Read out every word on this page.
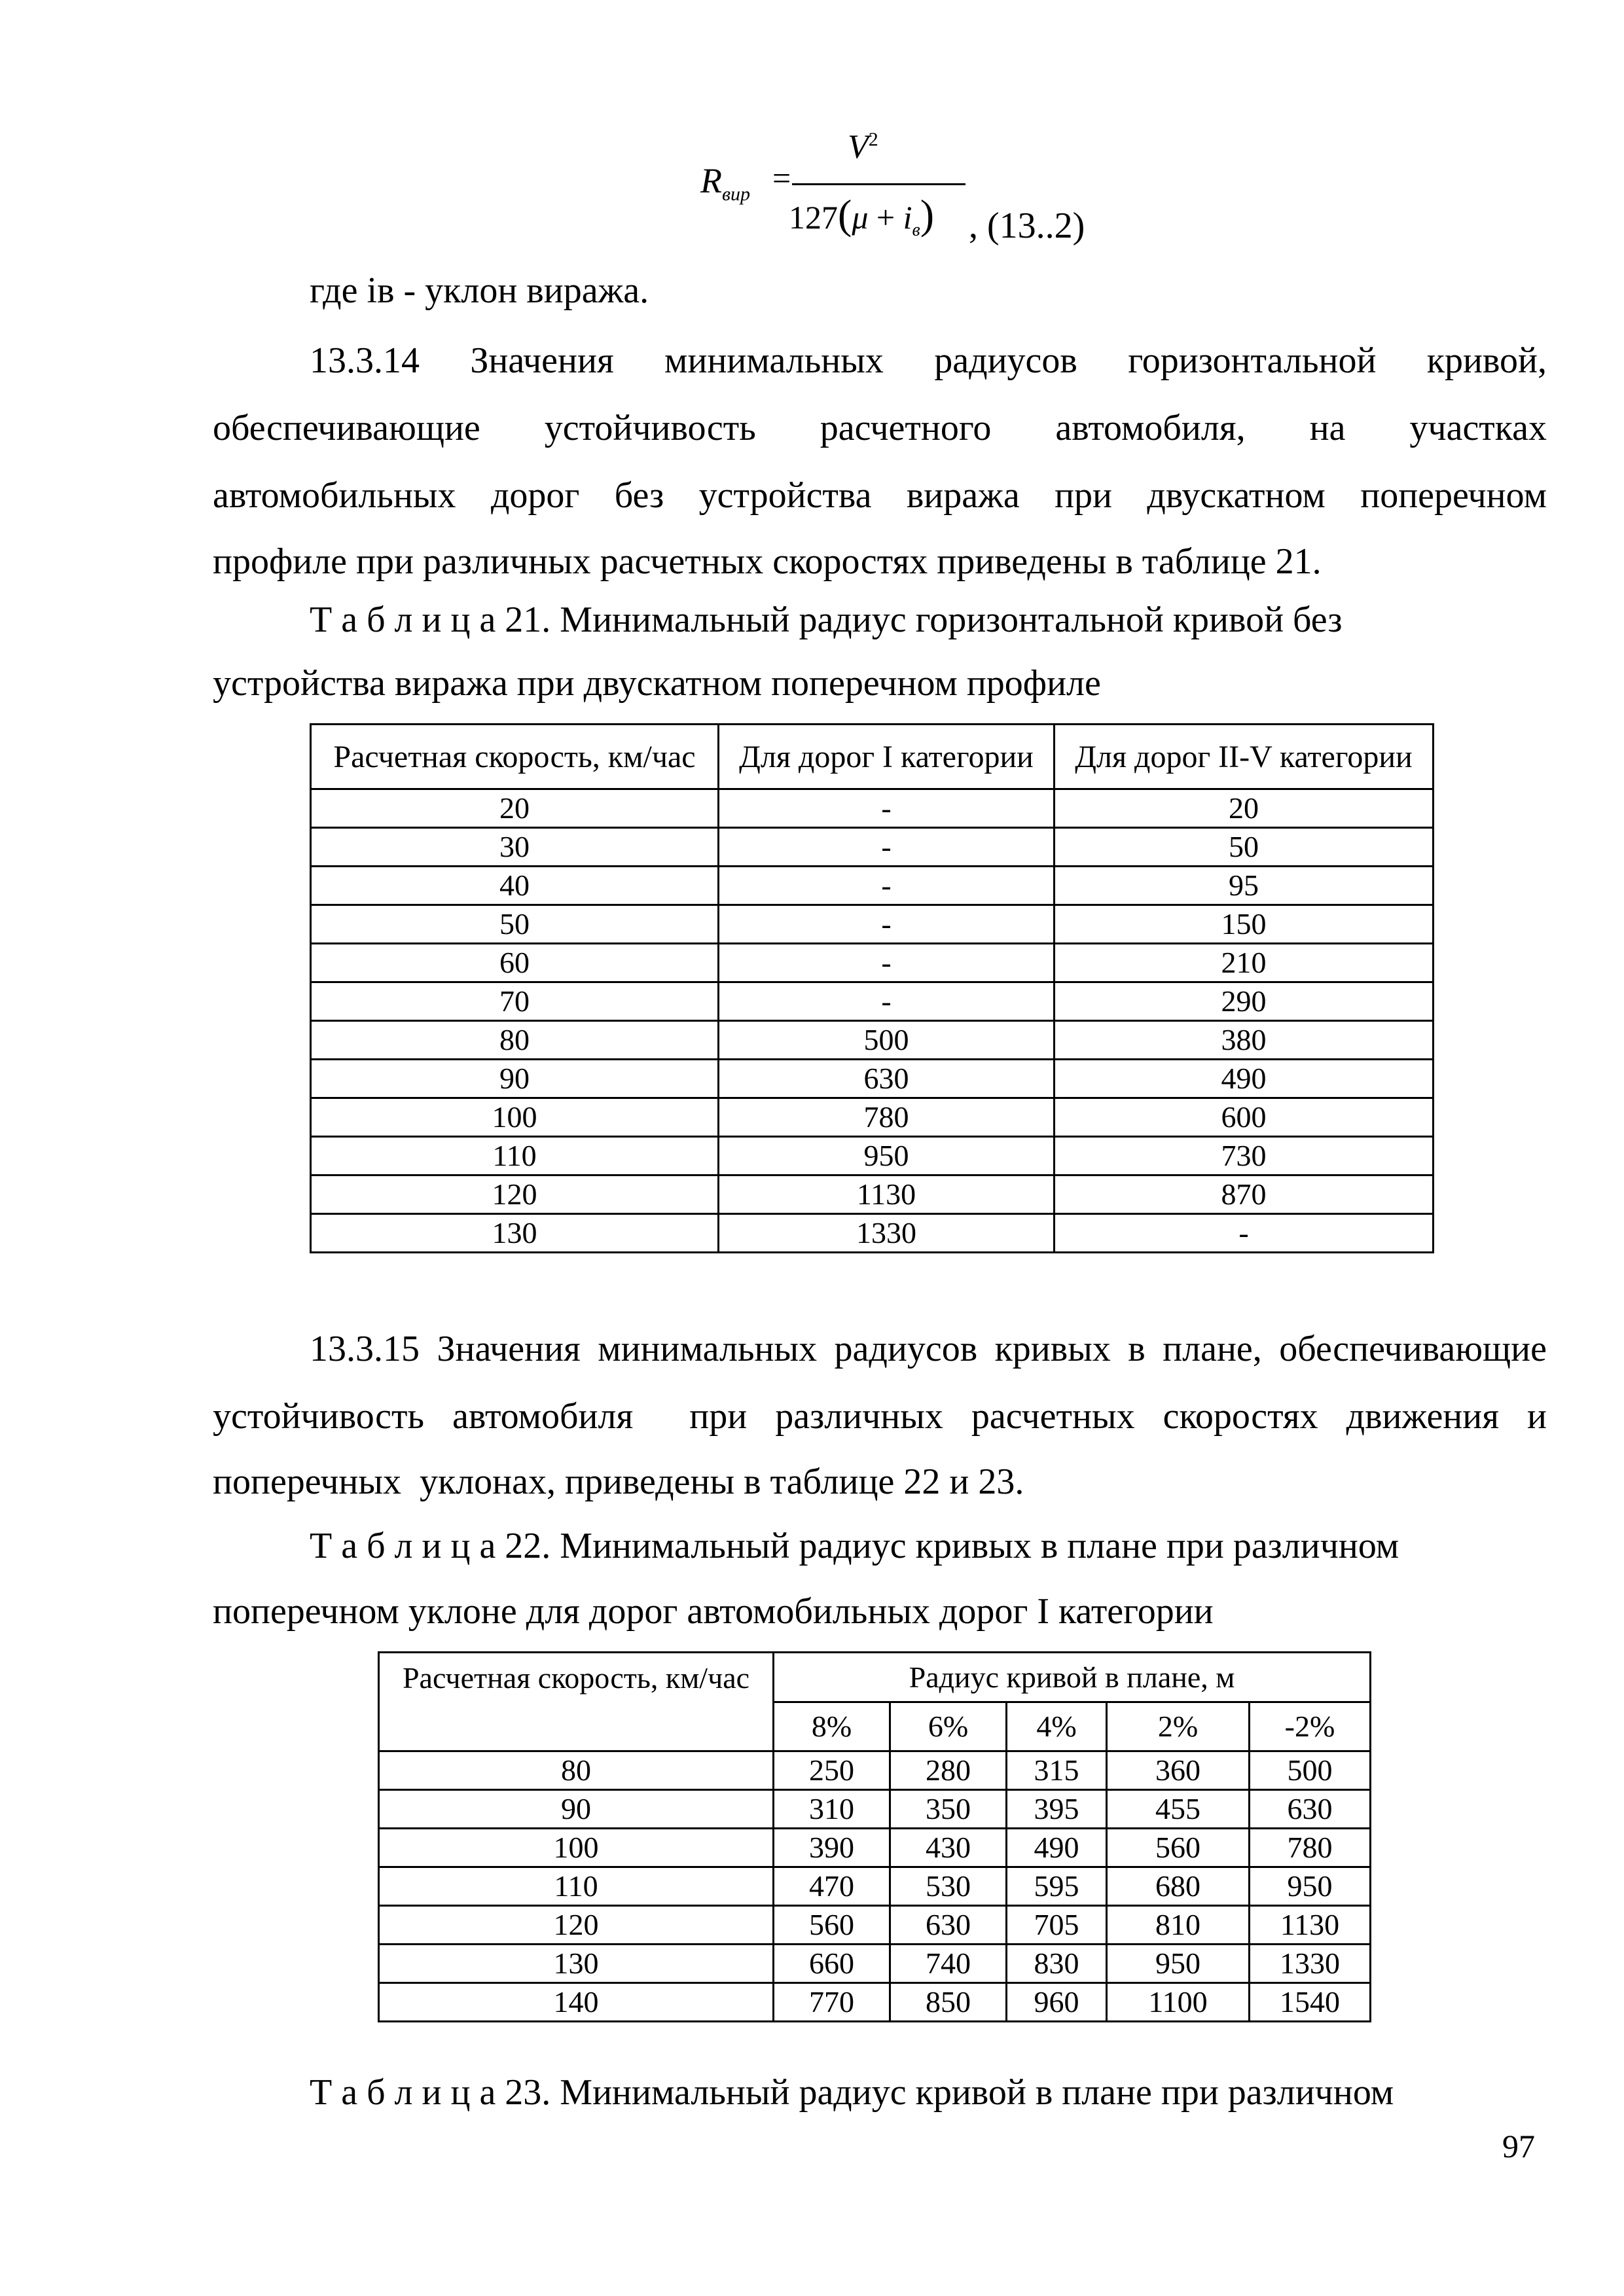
$R_{вир}$ =
$V^2$
$127(\mu + i_в)$ , (13..2)
где iв - уклон виража.
13.3.14 Значения минимальных радиусов горизонтальной кривой,
обеспечивающие устойчивость расчетного автомобиля, на участках
автомобильных дорог без устройства виража при двускатном поперечном
профиле при различных расчетных скоростях приведены в таблице 21.
Т а б л и ц а 21. Минимальный радиус горизонтальной кривой без
устройства виража при двускатном поперечном профиле
Расчетная скорость, км/час	Для дорог I категории	Для дорог II-V категории
20	-	20
30	-	50
40	-	95
50	-	150
60	-	210
70	-	290
80	500	380
90	630	490
100	780	600
110	950	730
120	1130	870
130	1330	-
13.3.15 Значения минимальных радиусов кривых в плане, обеспечивающие
устойчивость автомобиля  при различных расчетных скоростях движения и
поперечных  уклонах, приведены в таблице 22 и 23.
Т а б л и ц а 22. Минимальный радиус кривых в плане при различном
поперечном уклоне для дорог автомобильных дорог I категории
Расчетная скорость, км/час	Радиус кривой в плане, м				
	8%	6%	4%	2%	-2%
80	250	280	315	360	500
90	310	350	395	455	630
100	390	430	490	560	780
110	470	530	595	680	950
120	560	630	705	810	1130
130	660	740	830	950	1330
140	770	850	960	1100	1540
Т а б л и ц а 23. Минимальный радиус кривой в плане при различном
97
